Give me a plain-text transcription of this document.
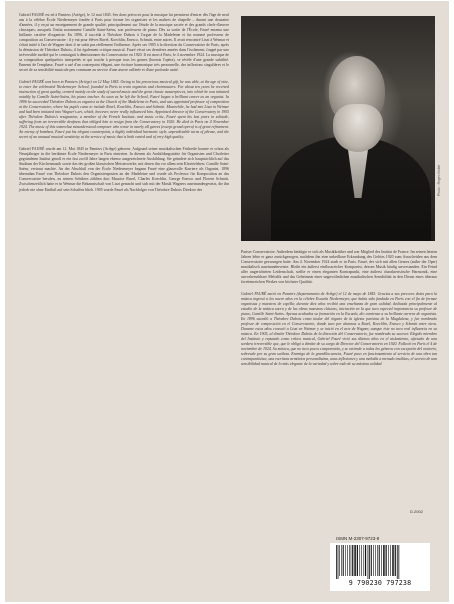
Gabriel FAURÉ est né à Pamiers (Ariège), le 12 mai 1845. Ses dons précoces pour la musique lui permirent d'entrer dès l'âge de neuf ans à la célèbre École Niedermeyer fondée à Paris pour former les organistes et les maîtres de chapelle – durant une douzaine d'années, il y reçut un enseignement de grande qualité, principalement sur l'étude de la musique sacrée et des grands chefs-d'œuvre classiques, auxquels l'initia notamment Camille Saint-Saëns, son professeur de piano. Dès sa sortie de l'École, Fauré entama une brillante carrière d'organiste. En 1896, il succéda à Théodore Dubois à l'orgue de la Madeleine et fut nommé professeur de composition au Conservatoire : il y eut pour élèves Ravel, Koechlin, Enesco, Schmitt, entre autres. Il avait rencontré Liszt à Weimar et s'était initié à l'art de Wagner dont il ne subit pas réellement l'influence. Après ses 1905 à la direction du Conservatoire de Paris, après la démission de Théodore Dubois, il fut également critique musical. Fauré vécut ses dernières années dans l'isolement, frappé par une irréversible surdité qui le contraignit à démissionner du Conservatoire en 1920. Il est mort à Paris, le 4 novembre 1924. La musique de sa composition quelquefois interprétés et qui touche à presque tous les genres (hormis l'opéra), se révèle d'une grande subtilité. Ennemi de l'emphase, Fauré a usé d'un contrepoint élégant, une écriture harmonique très personnelle, des inflexions singulières et le secret de sa sensibilité musicale peu commune au service d'une œuvre raffinée et d'une profonde unité.

Gabriel FAURÉ was born in Pamiers (Ariège) on 12 May 1845. Owing to his precocious musical gift, he was able, at the age of nine, to enter the celebrated Niedermeyer School, founded in Paris to train organists and choirmasters. For about ten years he received instruction of great quality, centred mainly on the study of sacred music and the great classic masterpieces, into which he was initiated notably by Camille Saint-Saëns, his piano teacher. As soon as he left the School, Fauré began a brilliant career as an organist. In 1896 he succeeded Théodore Dubois as organist at the Church of the Madeleine in Paris, and was appointed professor of composition at the Conservatoire, where his pupils came to include Ravel, Koechlin, Enesco and Schmitt. Meanwhile, he had met Liszt in Weimar and had been initiated into Wagner's art, which, however, never really influenced him. Appointed director of the Conservatory in 1905 after Théodore Dubois's resignation, a member of the French Institute, and music critic, Fauré spent his last years in solitude, suffering from an irreversible deafness that obliged him to resign from the Conservatory in 1920. He died in Paris on 4 November 1924. The music of this somewhat misunderstood composer who wrote in nearly all genres (except grand opera) is of great refinement. An enemy of bombast, Fauré put his elegant counterpoint, a highly individual harmonic style, unpredictable turns of phrase, and the secret of an unusual musical sensitivity at the service of music that is both varied and of very high quality.

Gabriel FAURÉ wurde am 12. Mai 1845 in Pamiers (Ariège) geboren. Aufgrund seiner musikalischen Frühreife konnte er schon als Neunjähriger in die berühmte École Niedermeyer in Paris eintreten. In diesem als Ausbildungsstätte für Organisten und Chorleiter gegründeten Institut genoß er ein fast zwölf Jahre langen ebenso ausgezeichnete Ausbildung. Sie gründete sich hauptsächlich auf das Studium der Kirchenmusik sowie das der großen klassischen Meisterwerke, mit denen ihn vor allem sein Klavierlehrer, Camille Saint-Saëns, vertraut machte. An der Abschluß von der École Niedermeyer begann Fauré eine glanzvolle Karriere als Organist. 1896 übernahm Fauré von Théodore Dubois den Organistenposten an der Madeleine und wurde als Professor für Komposition an das Conservatoire berufen, zu seinen Schülern zählten dort Maurice Ravel, Charles Koechlin, George Enesco und Florent Schmitt. Zwischenzeitlich hatte er in Weimar die Bekanntschaft von Liszt gemacht und sich mit der Musik Wagners auseinandergesetzt, die ihn jedoch nie ohne Einfluß auf sein Schaffen blieb. 1905 wurde Fauré als Nachfolger von Théodore Dubois Direktor des	Photo : Roger-Viollet

Pariser Conservatoire. Außerdem betätigte er sich als Musikkritiker und war Mitglied des Institut de France. Im seinen letzten Jahren lebte er ganz zurückgezogen, nachdem ihn eine unheilbare Erkrankung des Gehörs 1920 zum Ausscheiden aus dem Conservatoire gezwungen hatte. Am 4. November 1924 starb er in Paris. Fauré, der sich mit allen Genres (außer der Oper) musikalisch auseinandersetzte. Bleibt ein äußerst einflussreicher Komponist, dessen Musik häufig unverstanden. Ein Feind aller ungerichteten Leidenschaft, stellte er einen eleganten Kontrapunkt, eine äußerst charakteristische Harmonik, eine unvorhersehbare Melodik und das Geheimnis einer ungewöhnlichen musikalischen Sensibilität in den Dienst eines überaus facettenreichen Werkes von höchster Qualität.

Gabriel FAURÉ nació en Pamiers (departamento de Ariège) el 12 de mayo de 1845. Gracias a sus precoces dotes para la música ingresó a los nueve años en la célebre Escuela Niedermeyer, que había sido fundada en París con el fin de formar organistas y maestros de capilla; durante diez años recibió una enseñanza de gran calidad, dedicada principalmente al estudio de la música sacra y de las obras maestras clásicas, iniciación en la que tuvo especial importancia su profesor de piano, Camille Saint-Saëns. Apenas acabados su formación en la Escuela, dio comienzo a su brillante carrera de organista. En 1896 sucedió a Théodore Dubois como titular del órgano de la iglesia parisina de la Magdalena, y fue nombrado profesor de composición en el Conservatorio, donde tuvo por alumnos a Ravel, Koechlin, Enesco y Schmitt entre otros. Durante estos años conoció a Liszt en Weimar y se inició en el arte de Wagner, aunque éste no tuvo real influencia en su música. En 1905, al dimitir Théodore Dubois de la dirección del Conservatorio, fue nombrado su sucesor. Elegido miembro del Instituto y reputado como crítico musical, Gabriel Fauré vivió sus últimos años en el aislamiento, afectado de una sordera irreversible que, que le obligó a dimitir de su cargo de Director del Conservatorio en 1920. Falleció en París el 4 de noviembre de 1924. Su música, que no tuvo pocos comprensión, y se extiende a todos los géneros con excepción del oratorio, sobresale por su gran sutileza. Enemigo de la grandilocuencia, Fauré puso en funcionamiento al servicio de una obra tan contrapuntística, una escritura armónica personalísima, unas inflexiones y una melodía a menudo insólitas, el secreto de una sensibilidad musical de lo más elegante de la variedad y sobre todo de su máxima calidad.

D.2002
ISMN M-2307-9723-8
9 790230 797238
